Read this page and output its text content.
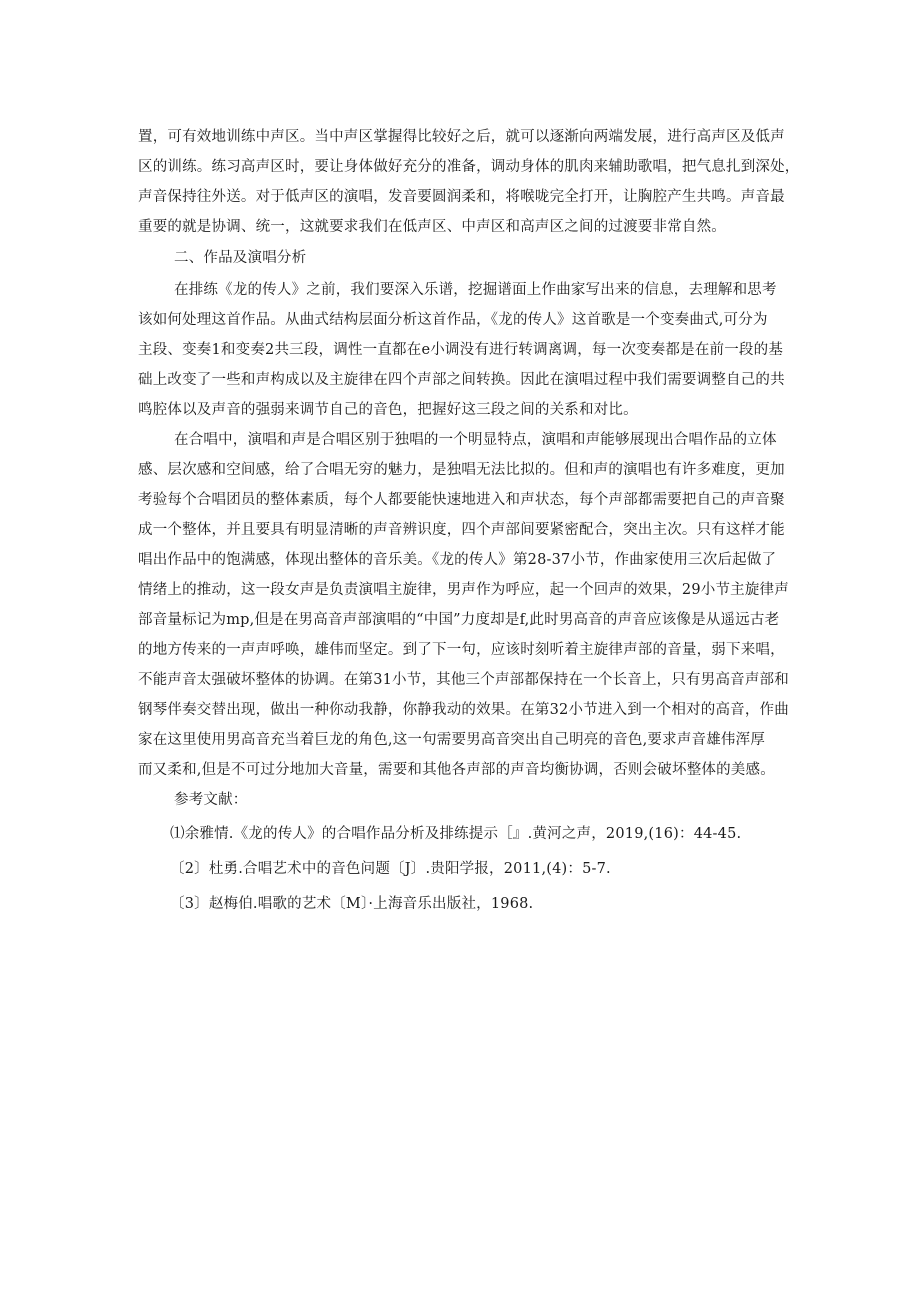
置，可有效地训练中声区。当中声区掌握得比较好之后，就可以逐渐向两端发展，进行高声区及低声
区的训练。练习高声区时，要让身体做好充分的准备，调动身体的肌肉来辅助歌唱，把气息扎到深处，
声音保持往外送。对于低声区的演唱，发音要圆润柔和，将喉咙完全打开，让胸腔产生共鸣。声音最
重要的就是协调、统一，这就要求我们在低声区、中声区和高声区之间的过渡要非常自然。
二、作品及演唱分析
在排练《龙的传人》之前，我们要深入乐谱，挖掘谱面上作曲家写出来的信息，去理解和思考
该如何处理这首作品。从曲式结构层面分析这首作品，《龙的传人》这首歌是一个变奏曲式,可分为
主段、变奏1和变奏2共三段，调性一直都在e小调没有进行转调离调，每一次变奏都是在前一段的基
础上改变了一些和声构成以及主旋律在四个声部之间转换。因此在演唱过程中我们需要调整自己的共
鸣腔体以及声音的强弱来调节自己的音色，把握好这三段之间的关系和对比。
在合唱中，演唱和声是合唱区别于独唱的一个明显特点，演唱和声能够展现出合唱作品的立体
感、层次感和空间感，给了合唱无穷的魅力，是独唱无法比拟的。但和声的演唱也有许多难度，更加
考验每个合唱团员的整体素质，每个人都要能快速地进入和声状态，每个声部都需要把自己的声音聚
成一个整体，并且要具有明显清晰的声音辨识度，四个声部间要紧密配合，突出主次。只有这样才能
唱出作品中的饱满感，体现出整体的音乐美。《龙的传人》第28-37小节，作曲家使用三次后起做了
情绪上的推动，这一段女声是负责演唱主旋律，男声作为呼应，起一个回声的效果，29小节主旋律声
部音量标记为mp,但是在男高音声部演唱的“中国”力度却是f,此时男高音的声音应该像是从遥远古老
的地方传来的一声声呼唤，雄伟而坚定。到了下一句，应该时刻听着主旋律声部的音量，弱下来唱，
不能声音太强破坏整体的协调。在第31小节，其他三个声部都保持在一个长音上，只有男高音声部和
钢琴伴奏交替出现，做出一种你动我静，你静我动的效果。在第32小节进入到一个相对的高音，作曲
家在这里使用男高音充当着巨龙的角色,这一句需要男高音突出自己明亮的音色,要求声音雄伟浑厚
而又柔和,但是不可过分地加大音量，需要和其他各声部的声音均衡协调，否则会破坏整体的美感。
参考文献：
⑴余雅情.《龙的传人》的合唱作品分析及排练提示［』.黄河之声，2019,(16)：44-45.
〔2〕杜勇.合唱艺术中的音色问题〔J〕.贵阳学报，2011,(4)：5-7.
〔3〕赵梅伯.唱歌的艺术〔M〕·上海音乐出版社，1968.
